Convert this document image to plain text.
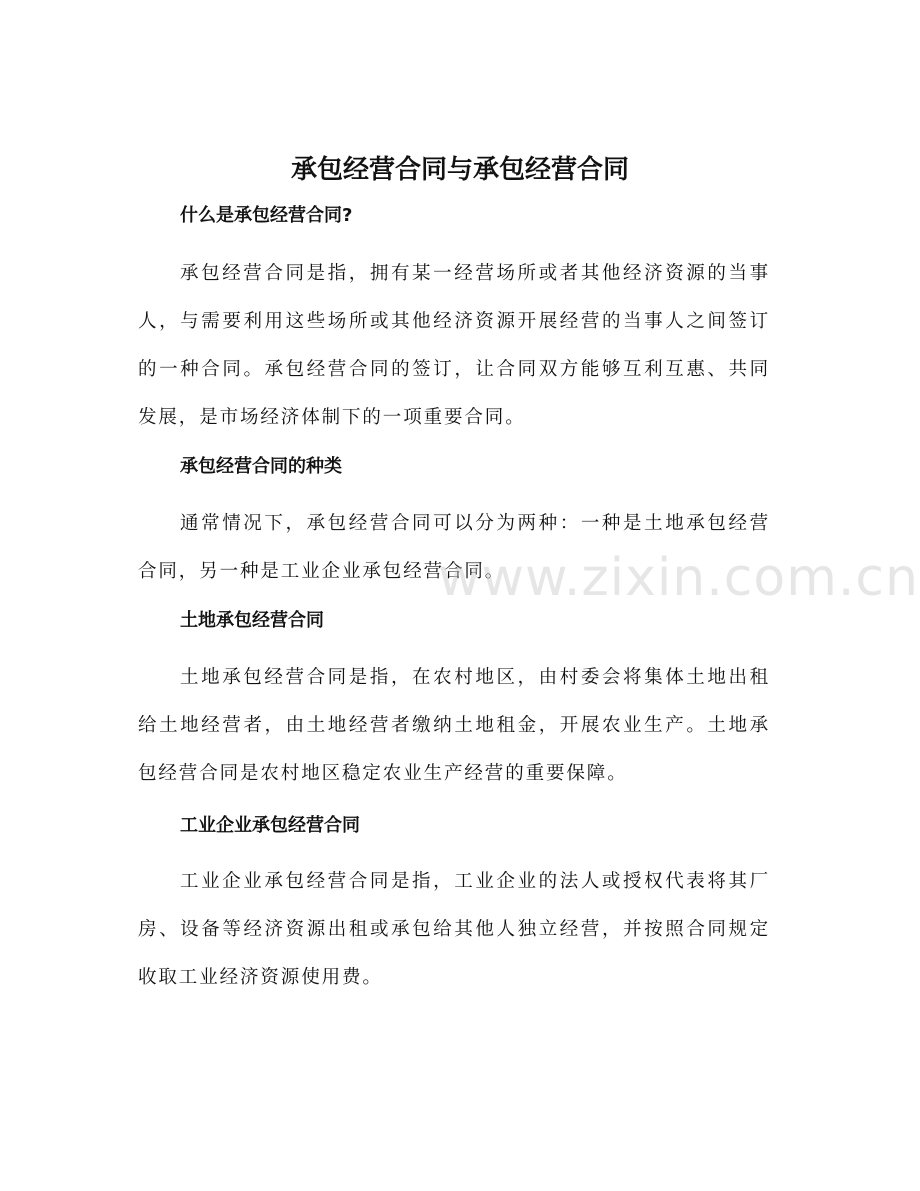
承包经营合同与承包经营合同
什么是承包经营合同?

承包经营合同是指，拥有某一经营场所或者其他经济资源的当事人，与需要利用这些场所或其他经济资源开展经营的当事人之间签订的一种合同。承包经营合同的签订，让合同双方能够互利互惠、共同发展，是市场经济体制下的一项重要合同。

承包经营合同的种类

通常情况下，承包经营合同可以分为两种：一种是土地承包经营合同，另一种是工业企业承包经营合同。

土地承包经营合同

土地承包经营合同是指，在农村地区，由村委会将集体土地出租给土地经营者，由土地经营者缴纳土地租金，开展农业生产。土地承包经营合同是农村地区稳定农业生产经营的重要保障。

工业企业承包经营合同

工业企业承包经营合同是指，工业企业的法人或授权代表将其厂房、设备等经济资源出租或承包给其他人独立经营，并按照合同规定收取工业经济资源使用费。

www.zixin.com.cn
